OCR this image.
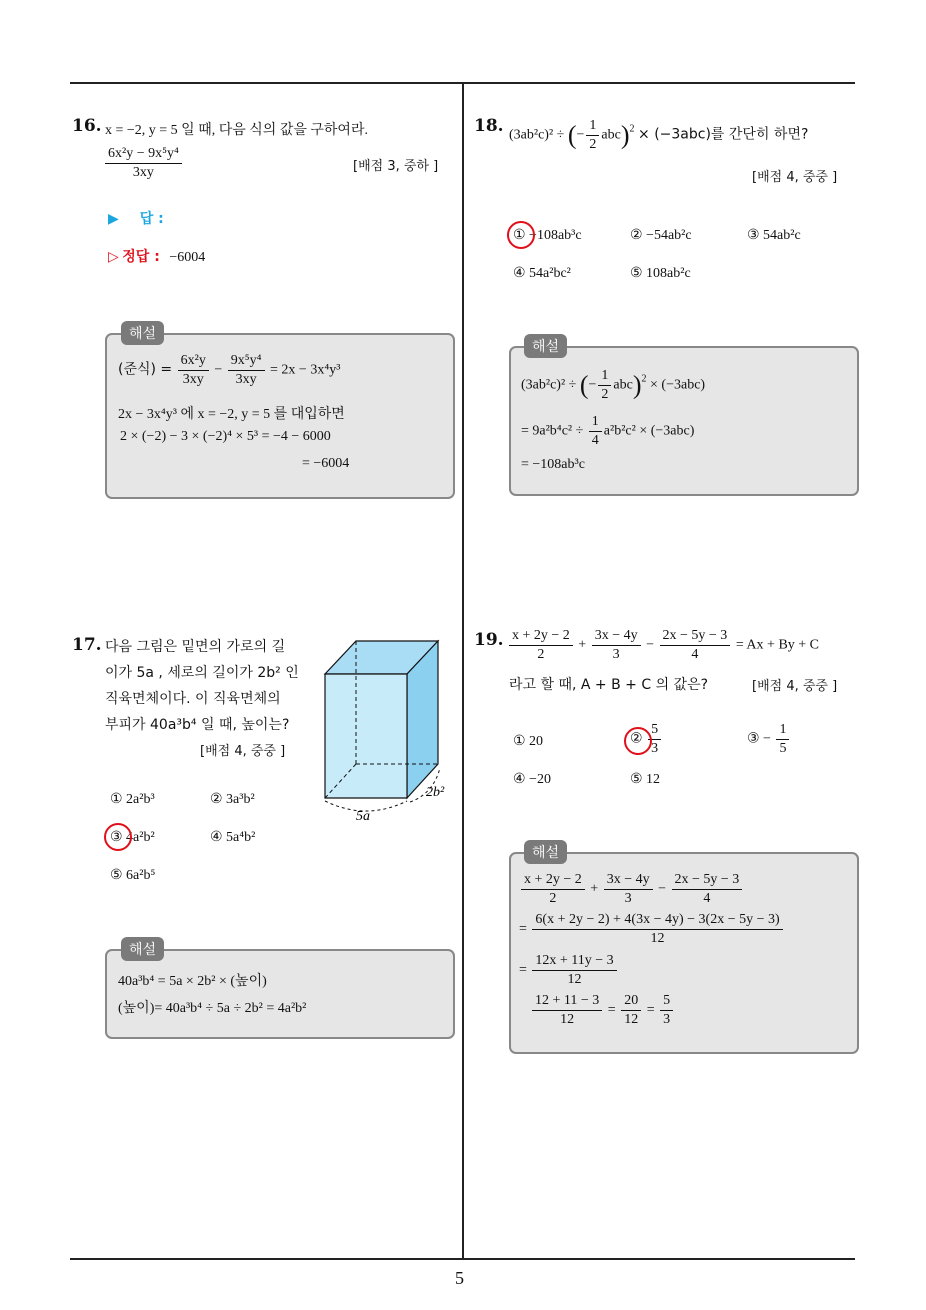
5
16. x = −2, y = 5 일 때, 다음 식의 값을 구하여라.
$\frac{\text{6x²y − 9x⁵y⁴}}{3xy}$	[배점 3, 중하 ]
▶ 답 :
▷ 정답 : −6004
해설
(준식) = $\frac{\text{6x²y}}{3xy} - \frac{\text{9x⁵y⁴}}{3xy} = 2x - 3x^4y^3$
2x − 3x⁴y³ 에 x = −2, y = 5 를 대입하면
2 × (−2) − 3 × (−2)⁴ × 5³ = −4 − 6000
= −6004
17. 다음 그림은 밑면의 가로의 길
이가 5a , 세로의 길이가 2b² 인
직육면체이다. 이 직육면체의
부피가 40a³b⁴ 일 때, 높이는?
[배점 4, 중중 ]
5a
2b²
① 2a²b³	② 3a³b²
③ 4a²b²	④ 5a⁴b²
⑤ 6a²b⁵
해설
40a³b⁴ = 5a × 2b² × (높이)
(높이)= 40a³b⁴ ÷ 5a ÷ 2b² = 4a²b²
18. (3ab²c)² ÷ (− $\frac{1}{2} abc)^2 \times (-3abc)$를 간단히 하면?
[배점 4, 중중 ]
① −108ab³c	② −54ab²c	③ 54ab²c
④ 54a²bc²	⑤ 108ab²c
해설
(3ab²c)² ÷ (− $\frac{1}{2} abc)^2 \times (-3abc)$
= $9a^2b^4c^2 \div \frac{1}{4} a^2b^2c^2 \times (-3abc)$
= −108ab³c
19. $\frac{x + 2y - 2}{2} + \frac{3x - 4y}{3} - \frac{2x - 5y - 3}{4} = Ax + By + C$
라고 할 때, A + B + C 의 값은?	[배점 4, 중중 ]
① 20	② $\frac{5}{3}$	③ − $\frac{1}{5}$
④ −20	⑤ 12
해설
$\frac{x + 2y - 2}{2} + \frac{3x - 4y}{3} - \frac{2x - 5y - 3}{4}$
= $\frac{6(x + 2y - 2) + 4(3x - 4y) - 3(2x - 5y - 3)}{12}$
= $\frac{12x + 11y - 3}{12}$
$\frac{12 + 11 - 3}{12} = \frac{20}{12} = \frac{5}{3}$
